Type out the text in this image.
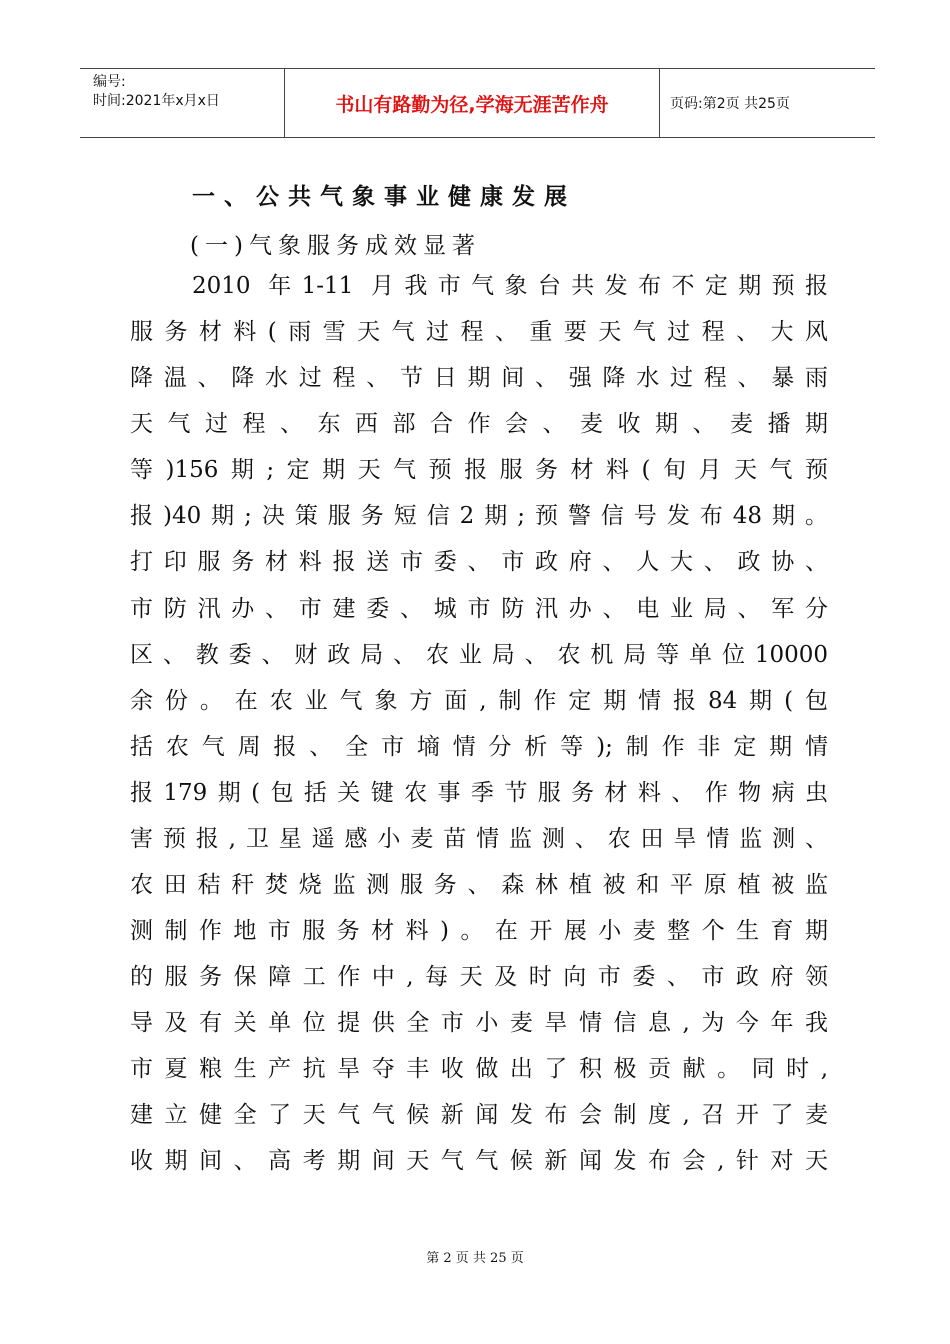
编号:
时间:2021年x月x日	书山有路勤为径,学海无涯苦作舟	页码:第2页 共25页
一、公共气象事业健康发展
(一)气象服务成效显著
2010 年1-11 月我市气象台共发布不定期预报
服务材料(雨雪天气过程、重要天气过程、大风
降温、降水过程、节日期间、强降水过程、暴雨
天气过程、东西部合作会、麦收期、麦播期
等)156期;定期天气预报服务材料(旬月天气预
报)40期;决策服务短信2期;预警信号发布48期。
打印服务材料报送市委、市政府、人大、政协、
市防汛办、市建委、城市防汛办、电业局、军分
区、教委、财政局、农业局、农机局等单位10000
余份。在农业气象方面,制作定期情报84期(包
括农气周报、全市墒情分析等);制作非定期情
报179期(包括关键农事季节服务材料、作物病虫
害预报,卫星遥感小麦苗情监测、农田旱情监测、
农田秸秆焚烧监测服务、森林植被和平原植被监
测制作地市服务材料)。在开展小麦整个生育期
的服务保障工作中,每天及时向市委、市政府领
导及有关单位提供全市小麦旱情信息,为今年我
市夏粮生产抗旱夺丰收做出了积极贡献。同时,
建立健全了天气气候新闻发布会制度,召开了麦
收期间、高考期间天气气候新闻发布会,针对天
第 2 页 共 25 页
